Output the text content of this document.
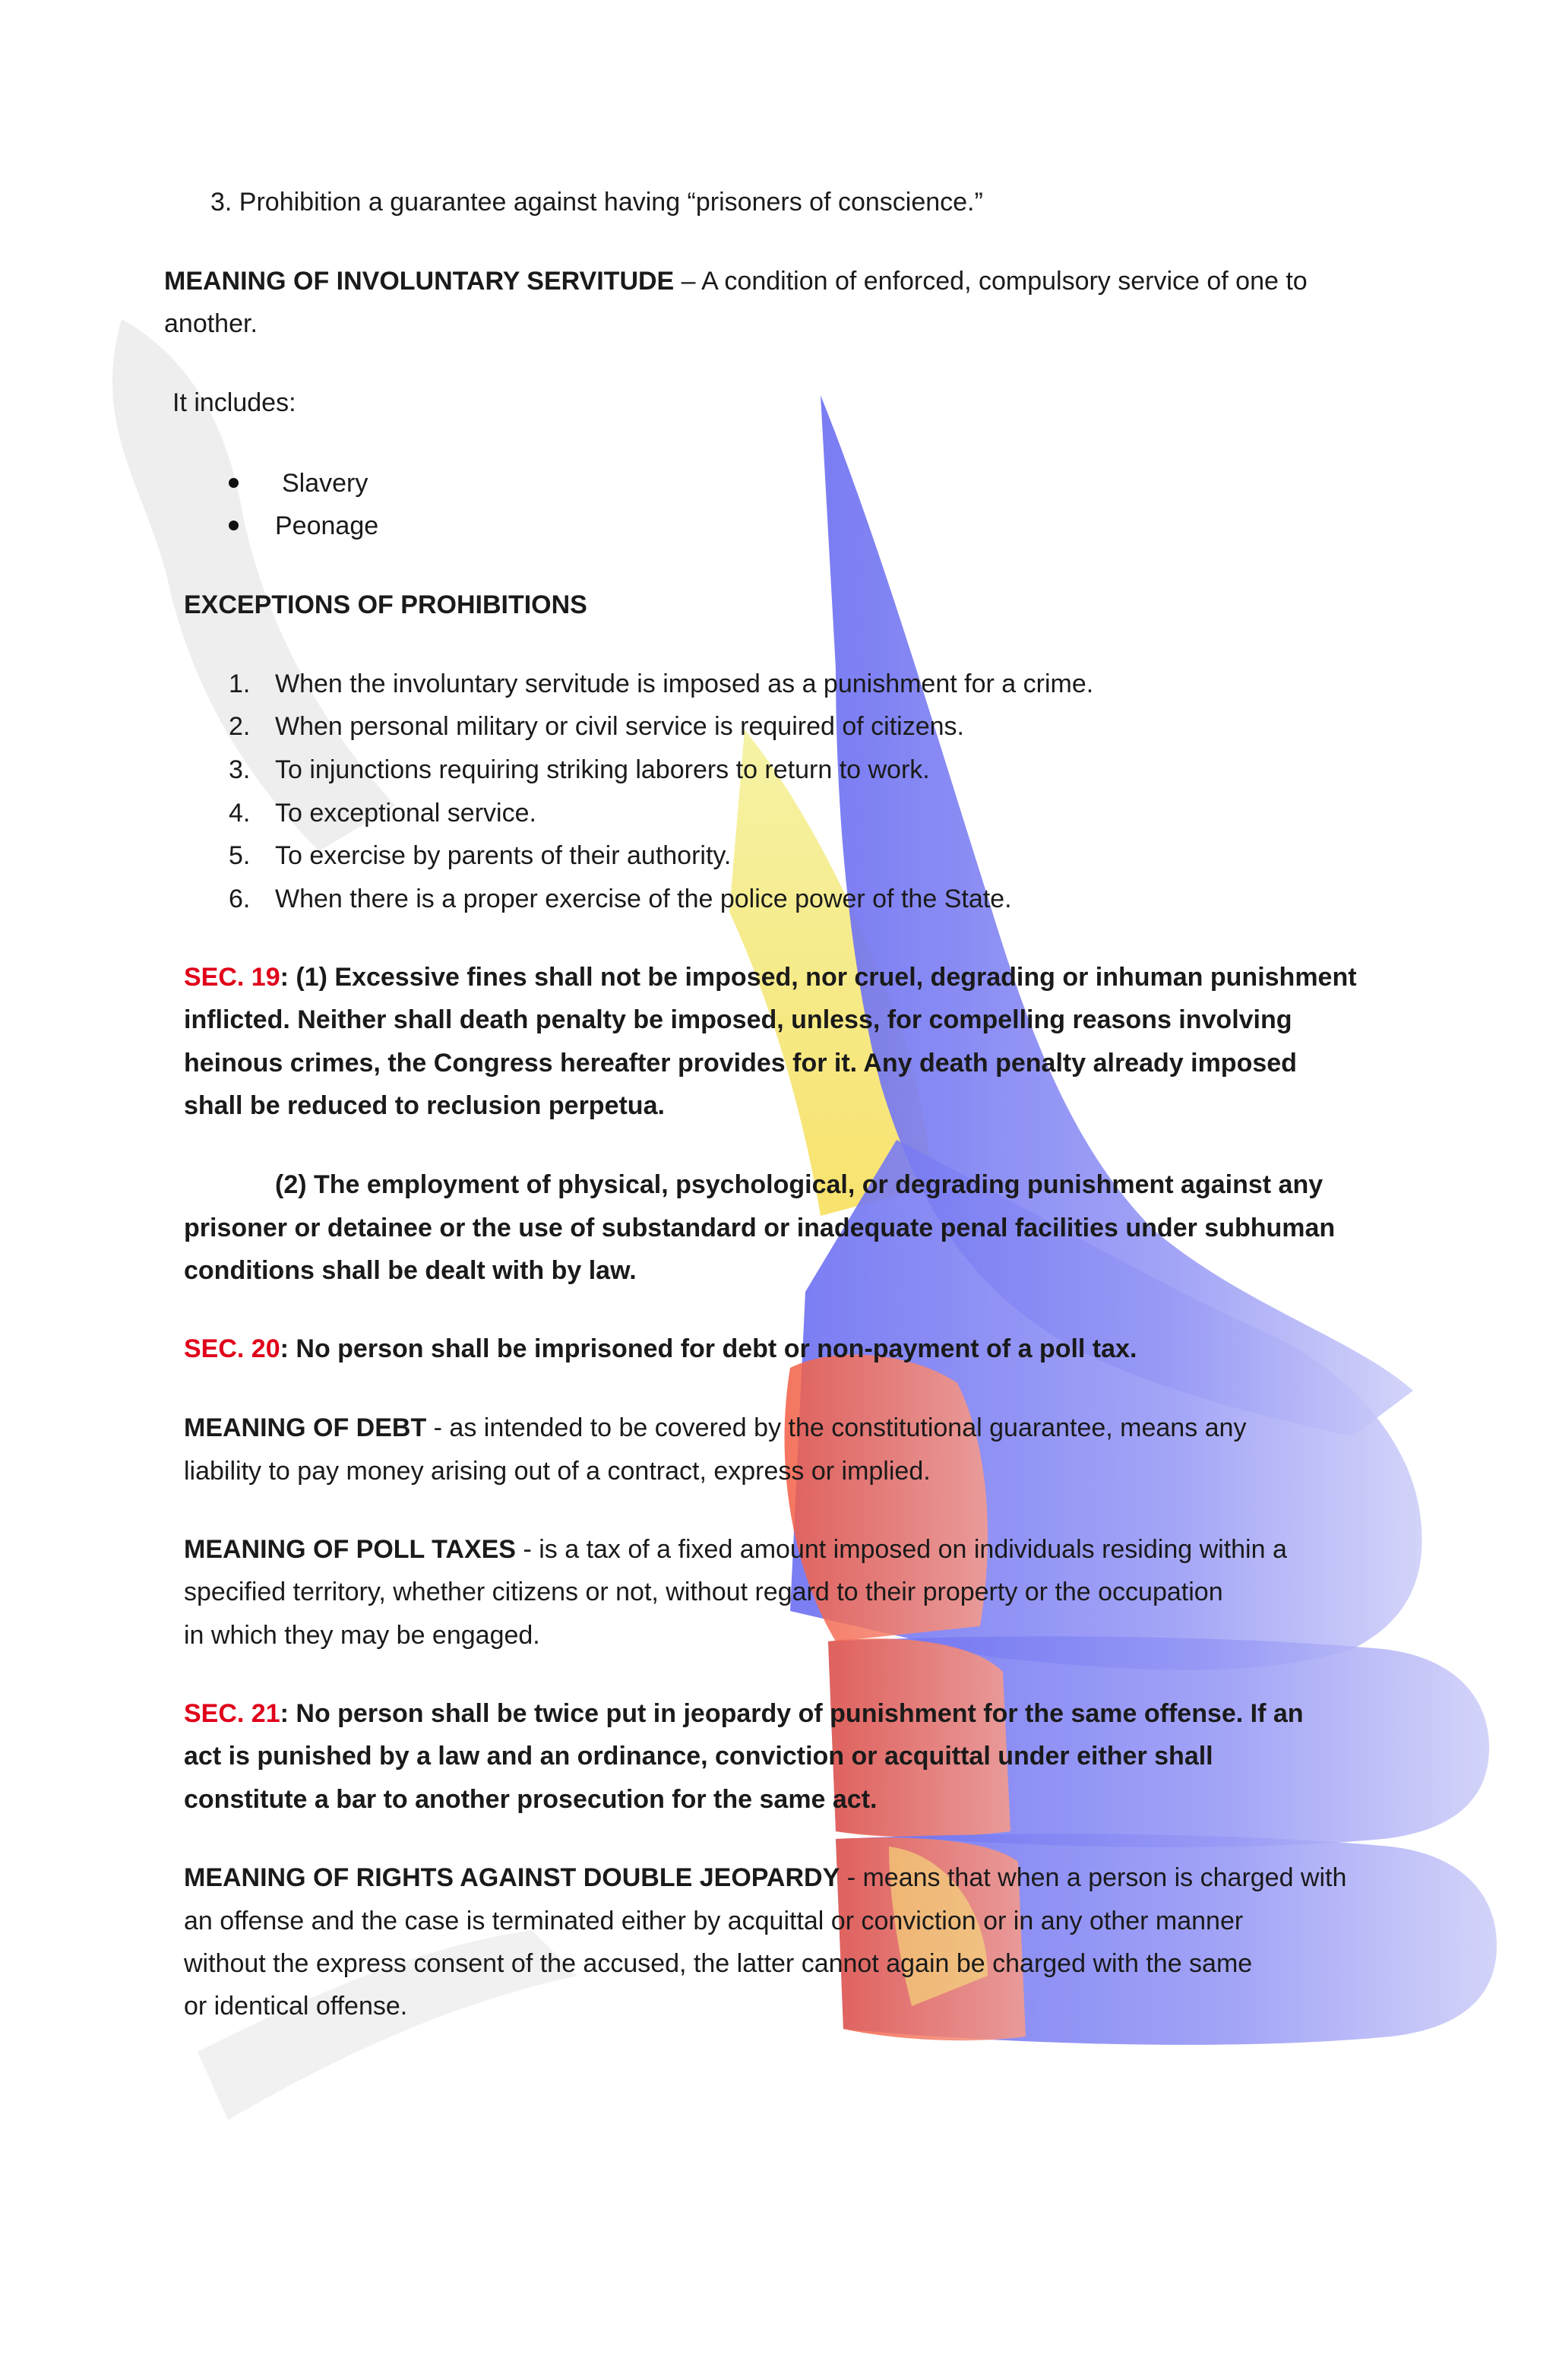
3. Prohibition a guarantee against having “prisoners of conscience.”

MEANING OF INVOLUNTARY SERVITUDE – A condition of enforced, compulsory service of one to

another.

It includes:

Slavery

Peonage

EXCEPTIONS OF PROHIBITIONS

1. When the involuntary servitude is imposed as a punishment for a crime.

2. When personal military or civil service is required of citizens.

3. To injunctions requiring striking laborers to return to work.

4. To exceptional service.

5. To exercise by parents of their authority.

6. When there is a proper exercise of the police power of the State.

SEC. 19: (1) Excessive fines shall not be imposed, nor cruel, degrading or inhuman punishment

inflicted. Neither shall death penalty be imposed, unless, for compelling reasons involving

heinous crimes, the Congress hereafter provides for it. Any death penalty already imposed

shall be reduced to reclusion perpetua.

(2) The employment of physical, psychological, or degrading punishment against any

prisoner or detainee or the use of substandard or inadequate penal facilities under subhuman

conditions shall be dealt with by law.

SEC. 20: No person shall be imprisoned for debt or non-payment of a poll tax.

MEANING OF DEBT - as intended to be covered by the constitutional guarantee, means any

liability to pay money arising out of a contract, express or implied.

MEANING OF POLL TAXES - is a tax of a fixed amount imposed on individuals residing within a

specified territory, whether citizens or not, without regard to their property or the occupation

in which they may be engaged.

SEC. 21: No person shall be twice put in jeopardy of punishment for the same offense. If an

act is punished by a law and an ordinance, conviction or acquittal under either shall

constitute a bar to another prosecution for the same act.

MEANING OF RIGHTS AGAINST DOUBLE JEOPARDY - means that when a person is charged with

an offense and the case is terminated either by acquittal or conviction or in any other manner

without the express consent of the accused, the latter cannot again be charged with the same

or identical offense.
